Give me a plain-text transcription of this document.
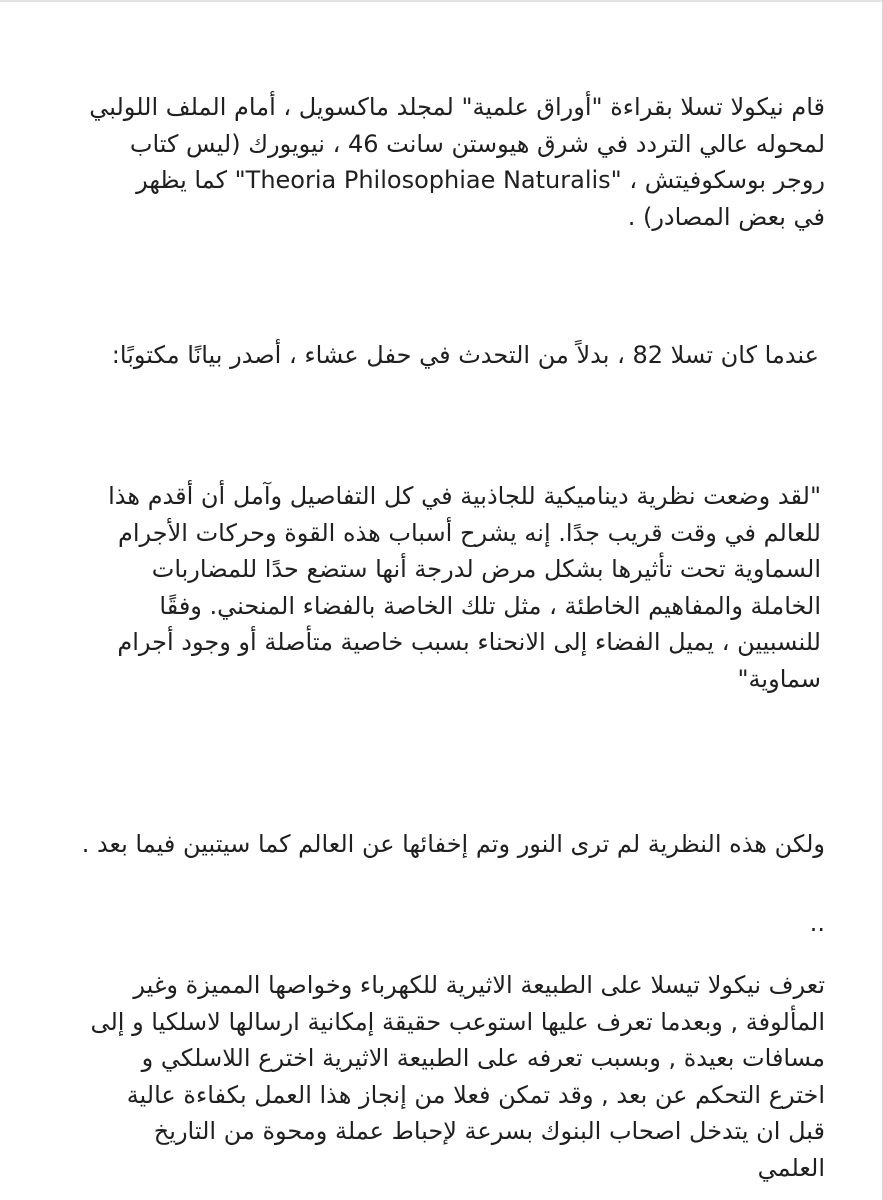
قام نيكولا تسلا بقراءة "أوراق علمية" لمجلد ماكسويل ، أمام الملف اللولبي
لمحوله عالي التردد في شرق هيوستن سانت 46 ، نيويورك (ليس كتاب
روجر بوسكوفيتش ، "Theoria Philosophiae Naturalis" كما يظهر
في بعض المصادر) .
عندما كان تسلا 82 ، بدلاً من التحدث في حفل عشاء ، أصدر بيانًا مكتوبًا:
"لقد وضعت نظرية ديناميكية للجاذبية في كل التفاصيل وآمل أن أقدم هذا
للعالم في وقت قريب جدًا. إنه يشرح أسباب هذه القوة وحركات الأجرام
السماوية تحت تأثيرها بشكل مرض لدرجة أنها ستضع حدًا للمضاربات
الخاملة والمفاهيم الخاطئة ، مثل تلك الخاصة بالفضاء المنحني. وفقًا
للنسبيين ، يميل الفضاء إلى الانحناء بسبب خاصية متأصلة أو وجود أجرام
سماوية"
ولكن هذه النظرية لم ترى النور وتم إخفائها عن العالم كما سيتبين فيما بعد .
..
تعرف نيكولا تيسلا على الطبيعة الاثيرية للكهرباء وخواصها المميزة وغير
المألوفة , وبعدما تعرف عليها استوعب حقيقة إمكانية ارسالها لاسلكيا و إلى
مسافات بعيدة , وبسبب تعرفه على الطبيعة الاثيرية اخترع اللاسلكي و
اخترع التحكم عن بعد , وقد تمكن فعلا من إنجاز هذا العمل بكفاءة عالية
قبل ان يتدخل اصحاب البنوك بسرعة لإحباط عملة ومحوة من التاريخ
العلمي
